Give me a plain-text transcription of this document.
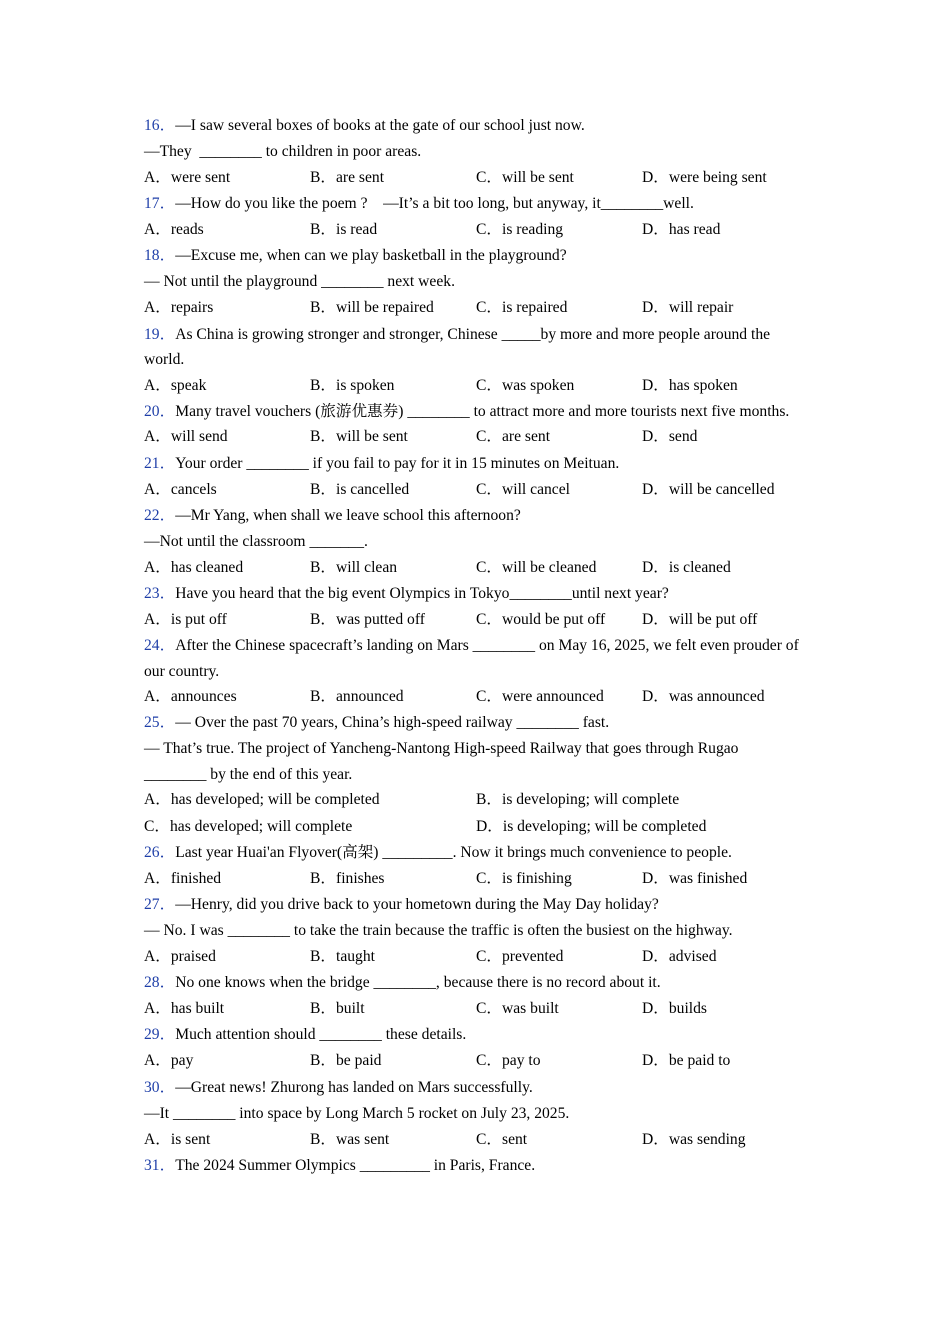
16．—I saw several boxes of books at the gate of our school just now.
—They  ________ to children in poor areas.
A．were sent	B．are sent	C．will be sent	D．were being sent
17．—How do you like the poem ?    —It’s a bit too long, but anyway, it________well.
A．reads	B．is read	C．is reading	D．has read
18．—Excuse me, when can we play basketball in the playground?
— Not until the playground ________ next week.
A．repairs	B．will be repaired	C．is repaired	D．will repair
19．As China is growing stronger and stronger, Chinese _____by more and more people around the world.
A．speak	B．is spoken	C．was spoken	D．has spoken
20．Many travel vouchers (旅游优惠券) ________ to attract more and more tourists next five months.
A．will send	B．will be sent	C．are sent	D．send
21．Your order ________ if you fail to pay for it in 15 minutes on Meituan.
A．cancels	B．is cancelled	C．will cancel	D．will be cancelled
22．—Mr Yang, when shall we leave school this afternoon?
—Not until the classroom _______.
A．has cleaned	B．will clean	C．will be cleaned	D．is cleaned
23．Have you heard that the big event Olympics in Tokyo________until next year?
A．is put off	B．was putted off	C．would be put off	D．will be put off
24．After the Chinese spacecraft’s landing on Mars ________ on May 16, 2025, we felt even prouder of our country.
A．announces	B．announced	C．were announced	D．was announced
25．— Over the past 70 years, China’s high-speed railway ________ fast.
— That’s true. The project of Yancheng-Nantong High-speed Railway that goes through Rugao ________ by the end of this year.
A．has developed; will be completed	B．is developing; will complete
C．has developed; will complete	D．is developing; will be completed
26．Last year Huai'an Flyover(高架) _________. Now it brings much convenience to people.
A．finished	B．finishes	C．is finishing	D．was finished
27．—Henry, did you drive back to your hometown during the May Day holiday?
— No. I was ________ to take the train because the traffic is often the busiest on the highway.
A．praised	B．taught	C．prevented	D．advised
28．No one knows when the bridge ________, because there is no record about it.
A．has built	B．built	C．was built	D．builds
29．Much attention should ________ these details.
A．pay	B．be paid	C．pay to	D．be paid to
30．—Great news! Zhurong has landed on Mars successfully.
—It ________ into space by Long March 5 rocket on July 23, 2025.
A．is sent	B．was sent	C．sent	D．was sending
31．The 2024 Summer Olympics _________ in Paris, France.
